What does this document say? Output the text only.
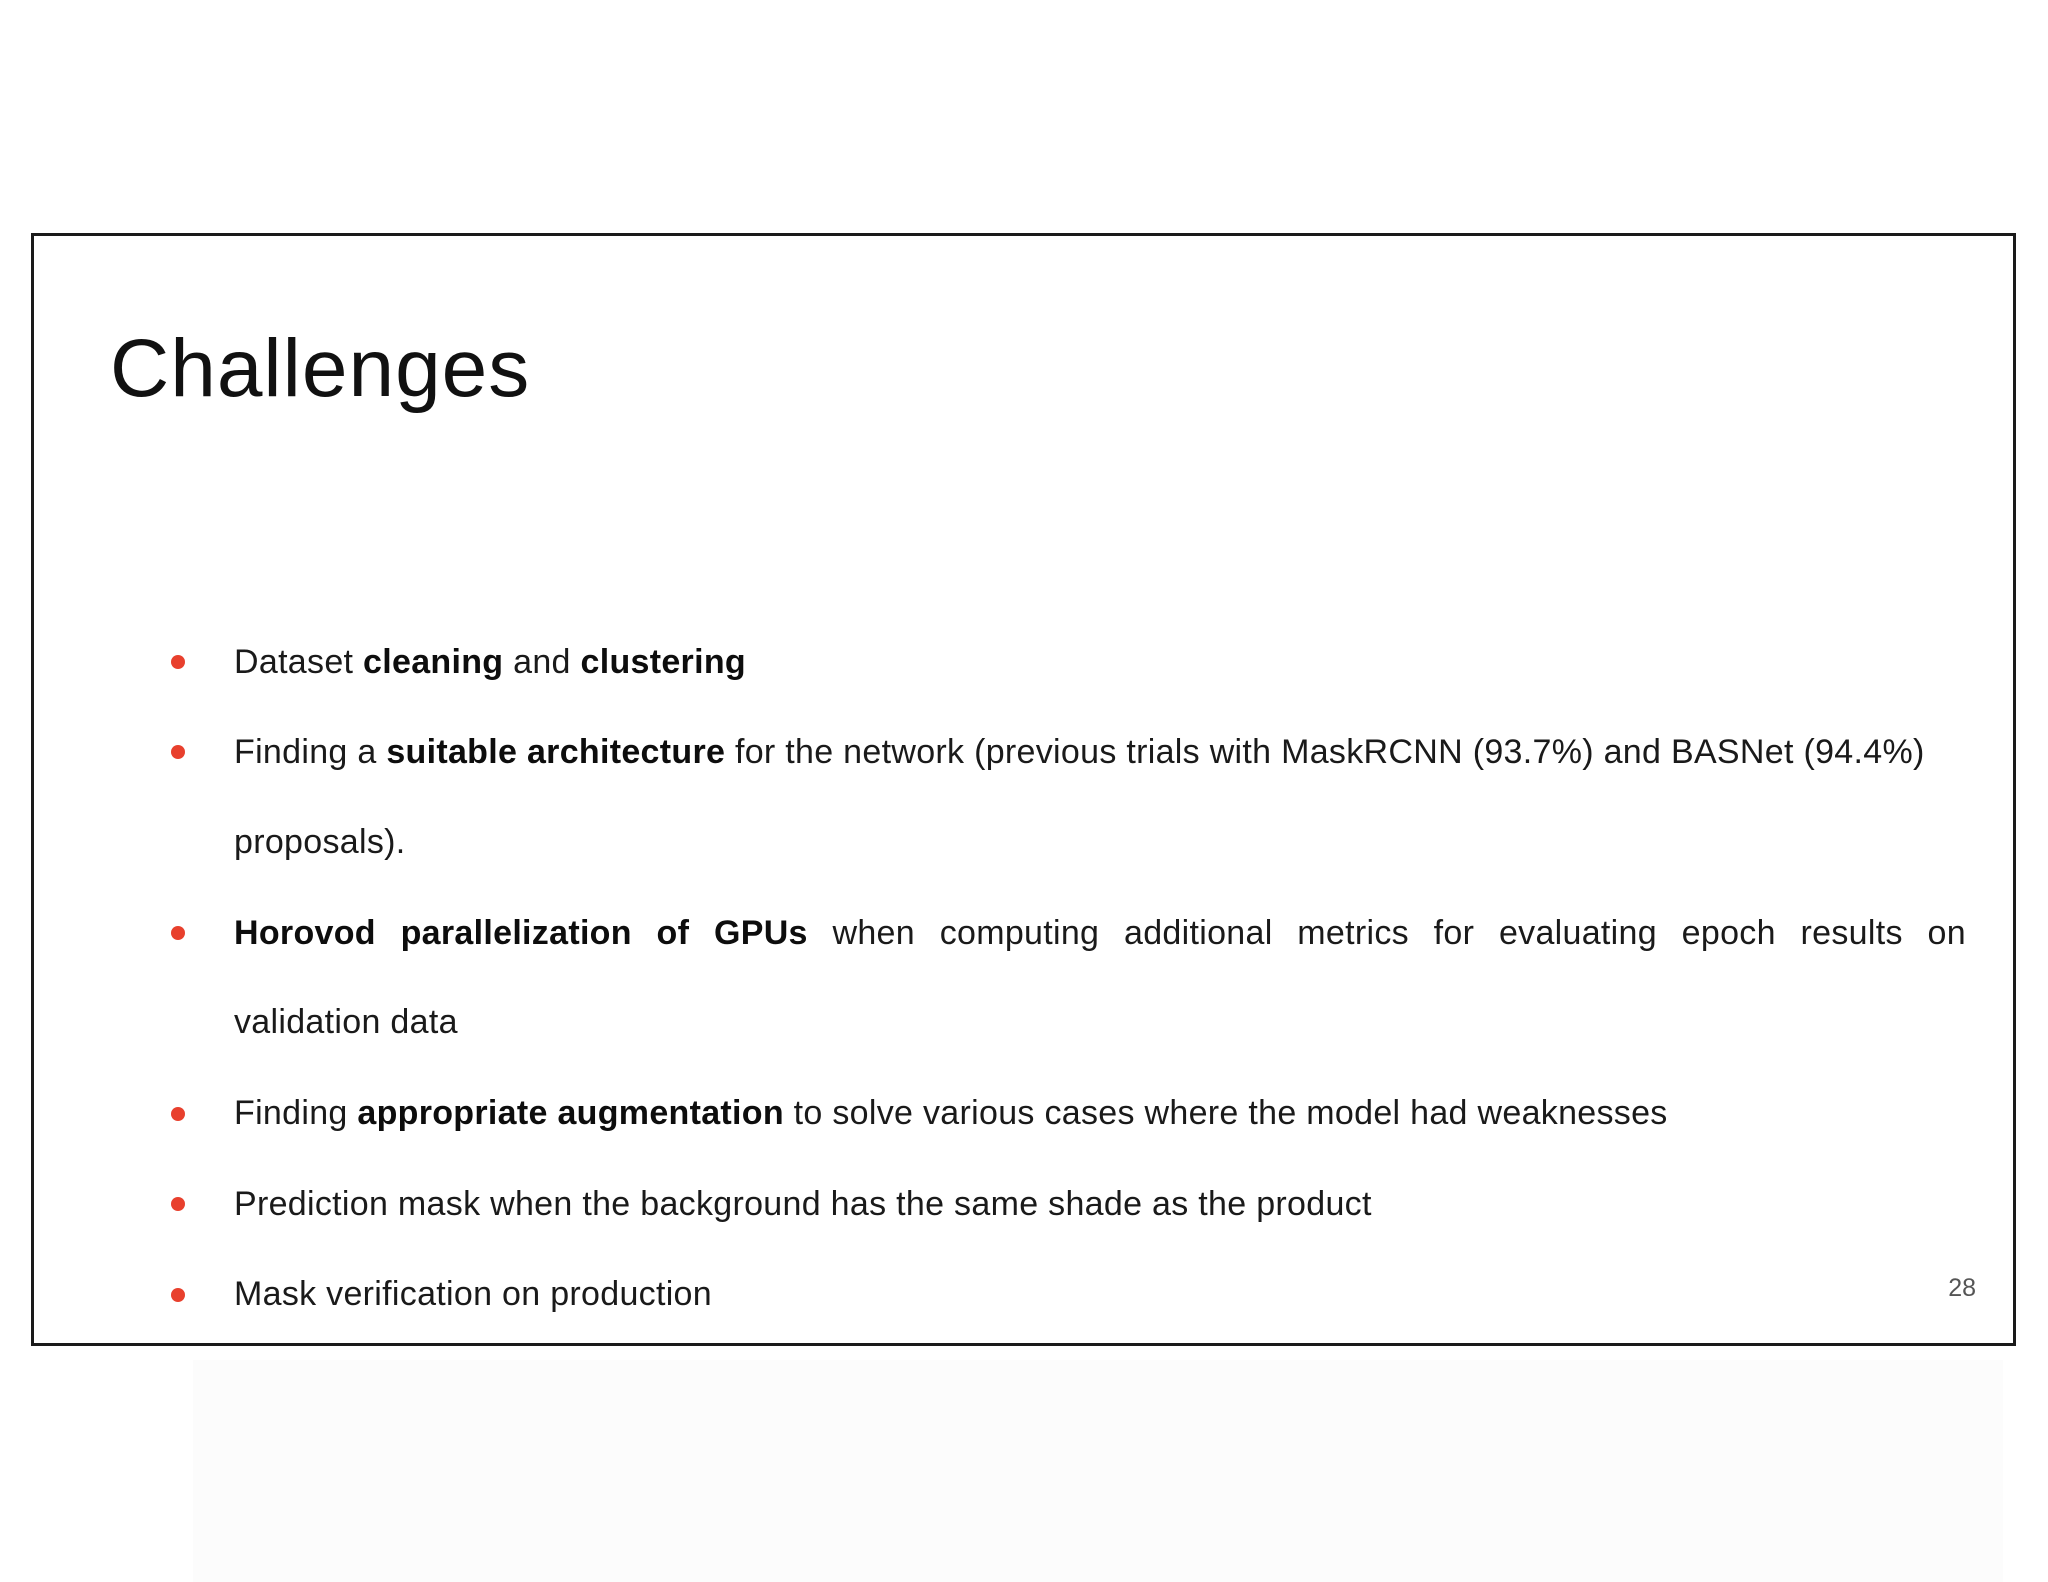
Challenges
Dataset cleaning and clustering
Finding a suitable architecture for the network (previous trials with MaskRCNN (93.7%) and BASNet (94.4%)
proposals).
Horovod parallelization of GPUs when computing additional metrics for evaluating epoch results on
validation data
Finding appropriate augmentation to solve various cases where the model had weaknesses
Prediction mask when the background has the same shade as the product
Mask verification on production	28
